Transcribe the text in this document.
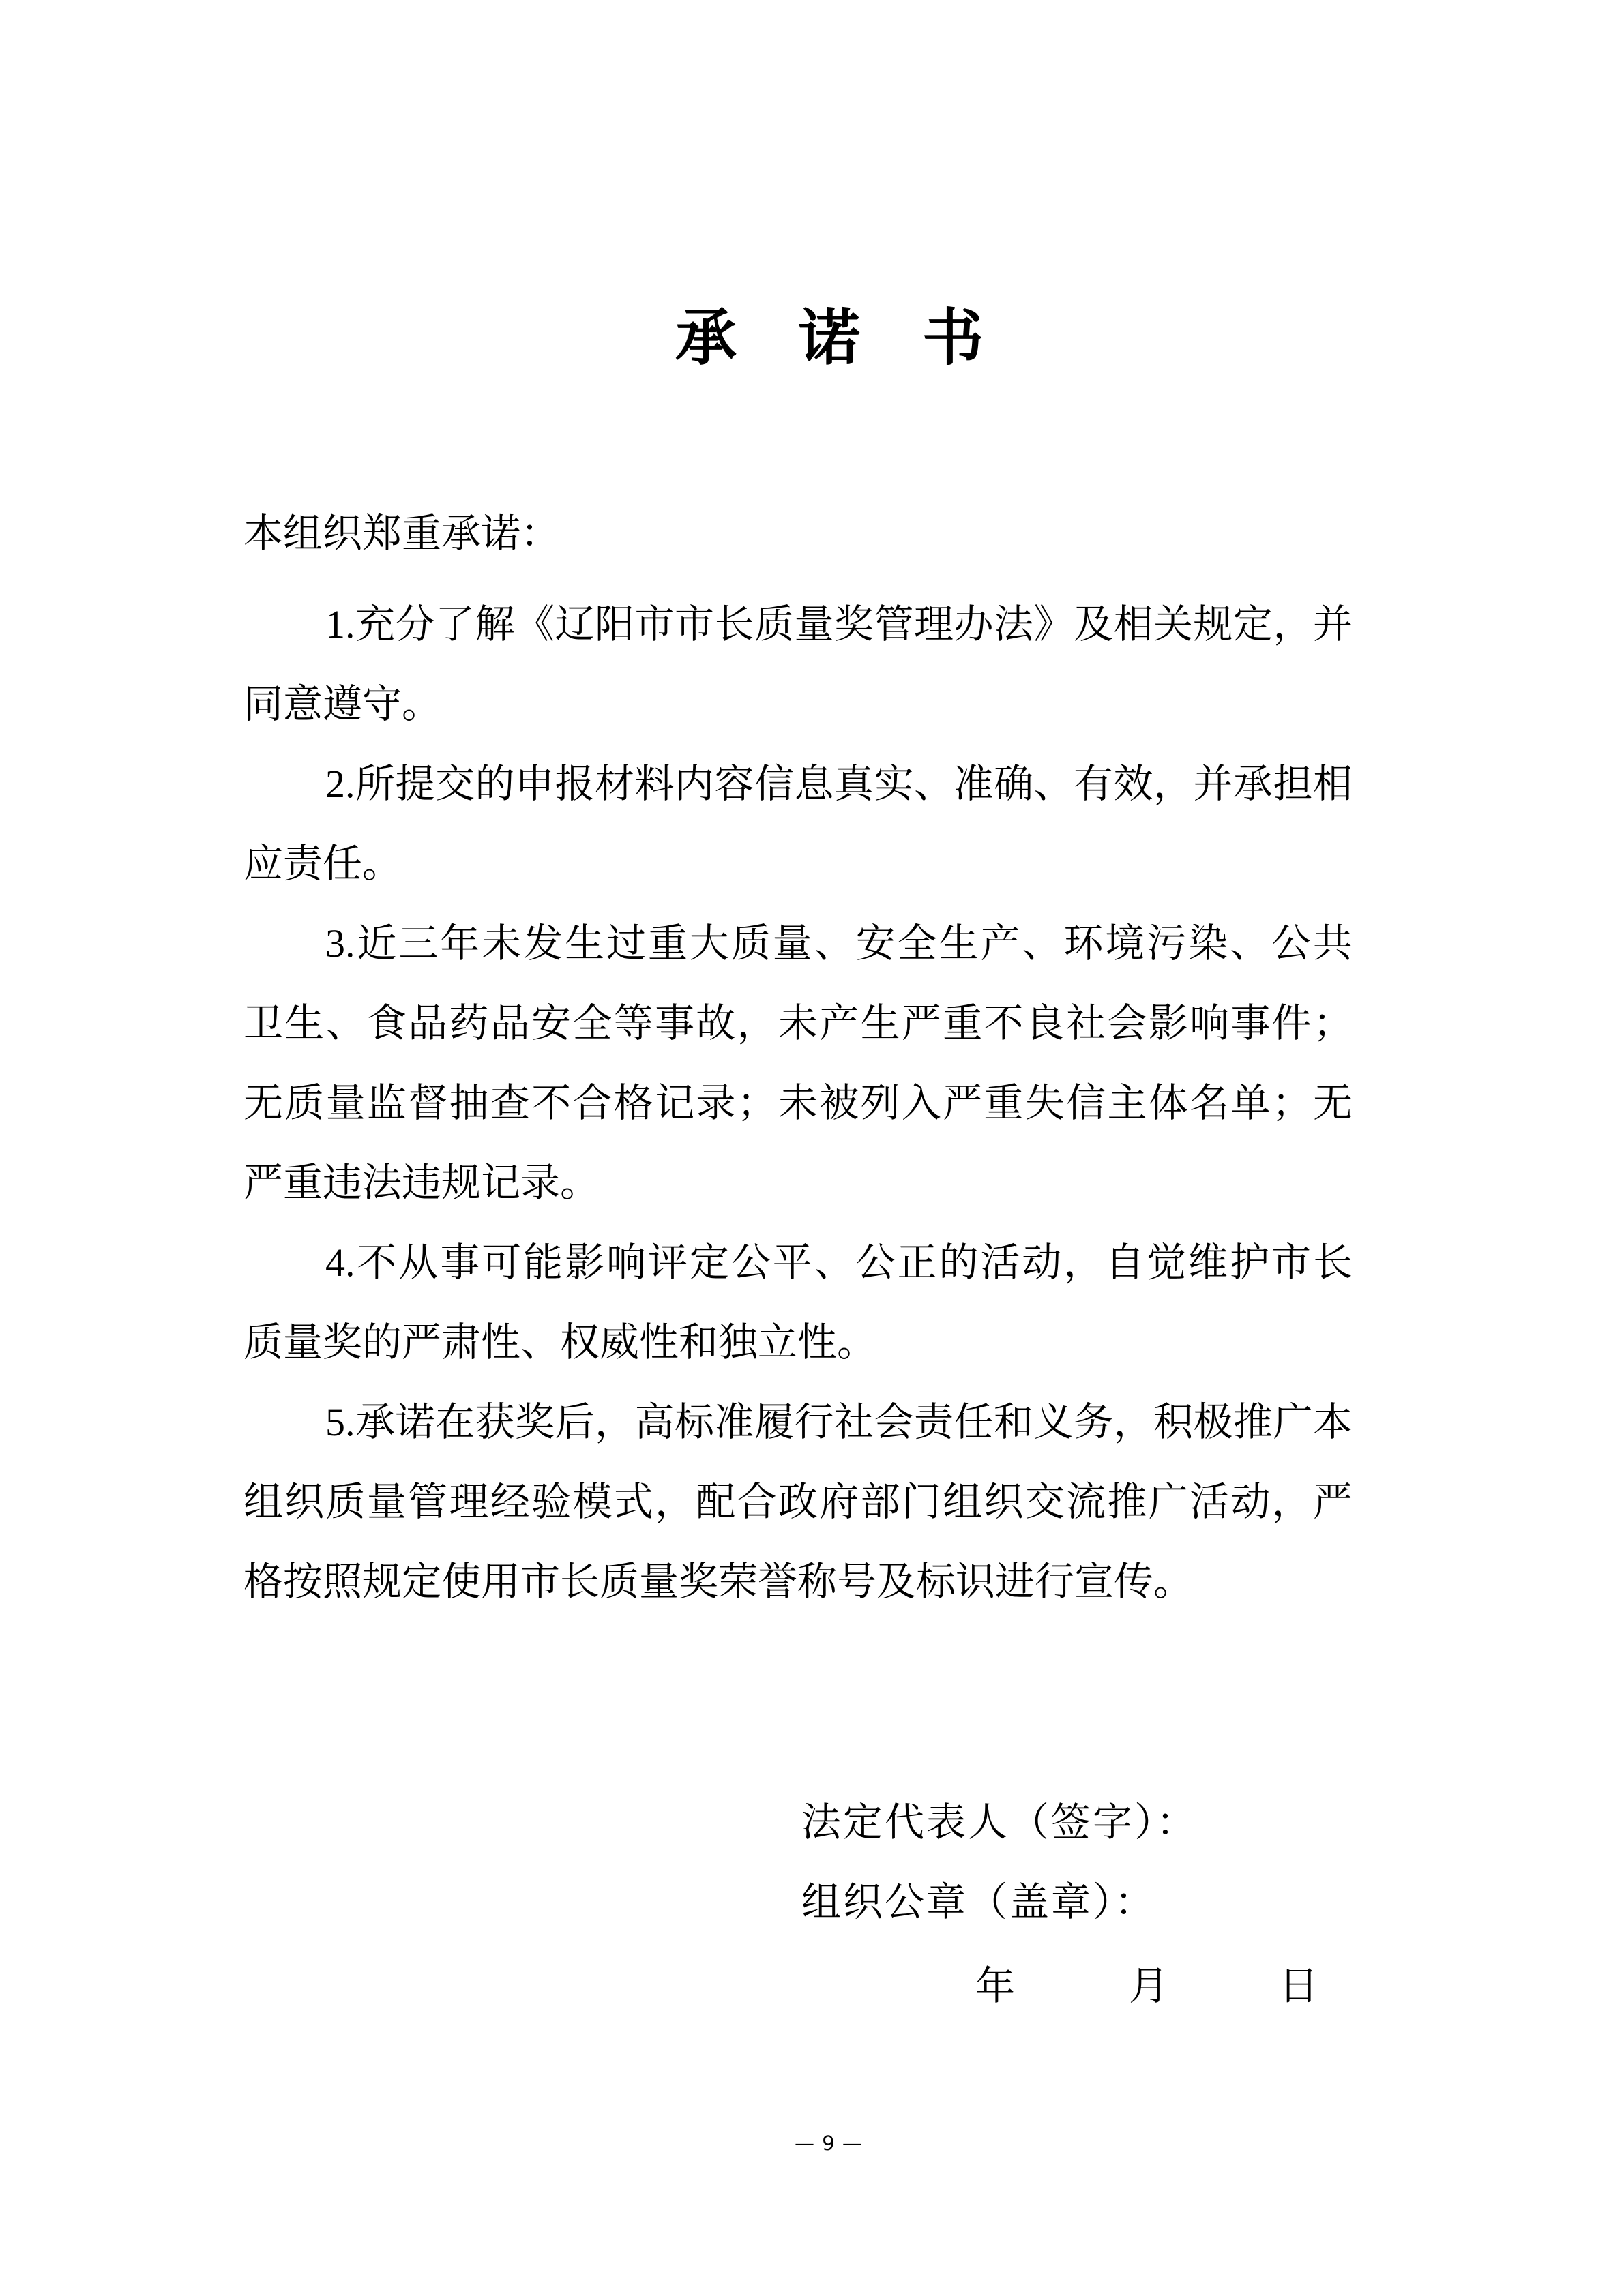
承诺书
本组织郑重承诺：
1.充分了解《辽阳市市长质量奖管理办法》及相关规定，并
同意遵守。
2.所提交的申报材料内容信息真实、准确、有效，并承担相
应责任。
3.近三年未发生过重大质量、安全生产、环境污染、公共
卫生、食品药品安全等事故，未产生严重不良社会影响事件；
无质量监督抽查不合格记录；未被列入严重失信主体名单；无
严重违法违规记录。
4.不从事可能影响评定公平、公正的活动，自觉维护市长
质量奖的严肃性、权威性和独立性。
5.承诺在获奖后，高标准履行社会责任和义务，积极推广本
组织质量管理经验模式，配合政府部门组织交流推广活动，严
格按照规定使用市长质量奖荣誉称号及标识进行宣传。
法定代表人（签字）：
组织公章（盖章）：
年	月	日
— 9 —
